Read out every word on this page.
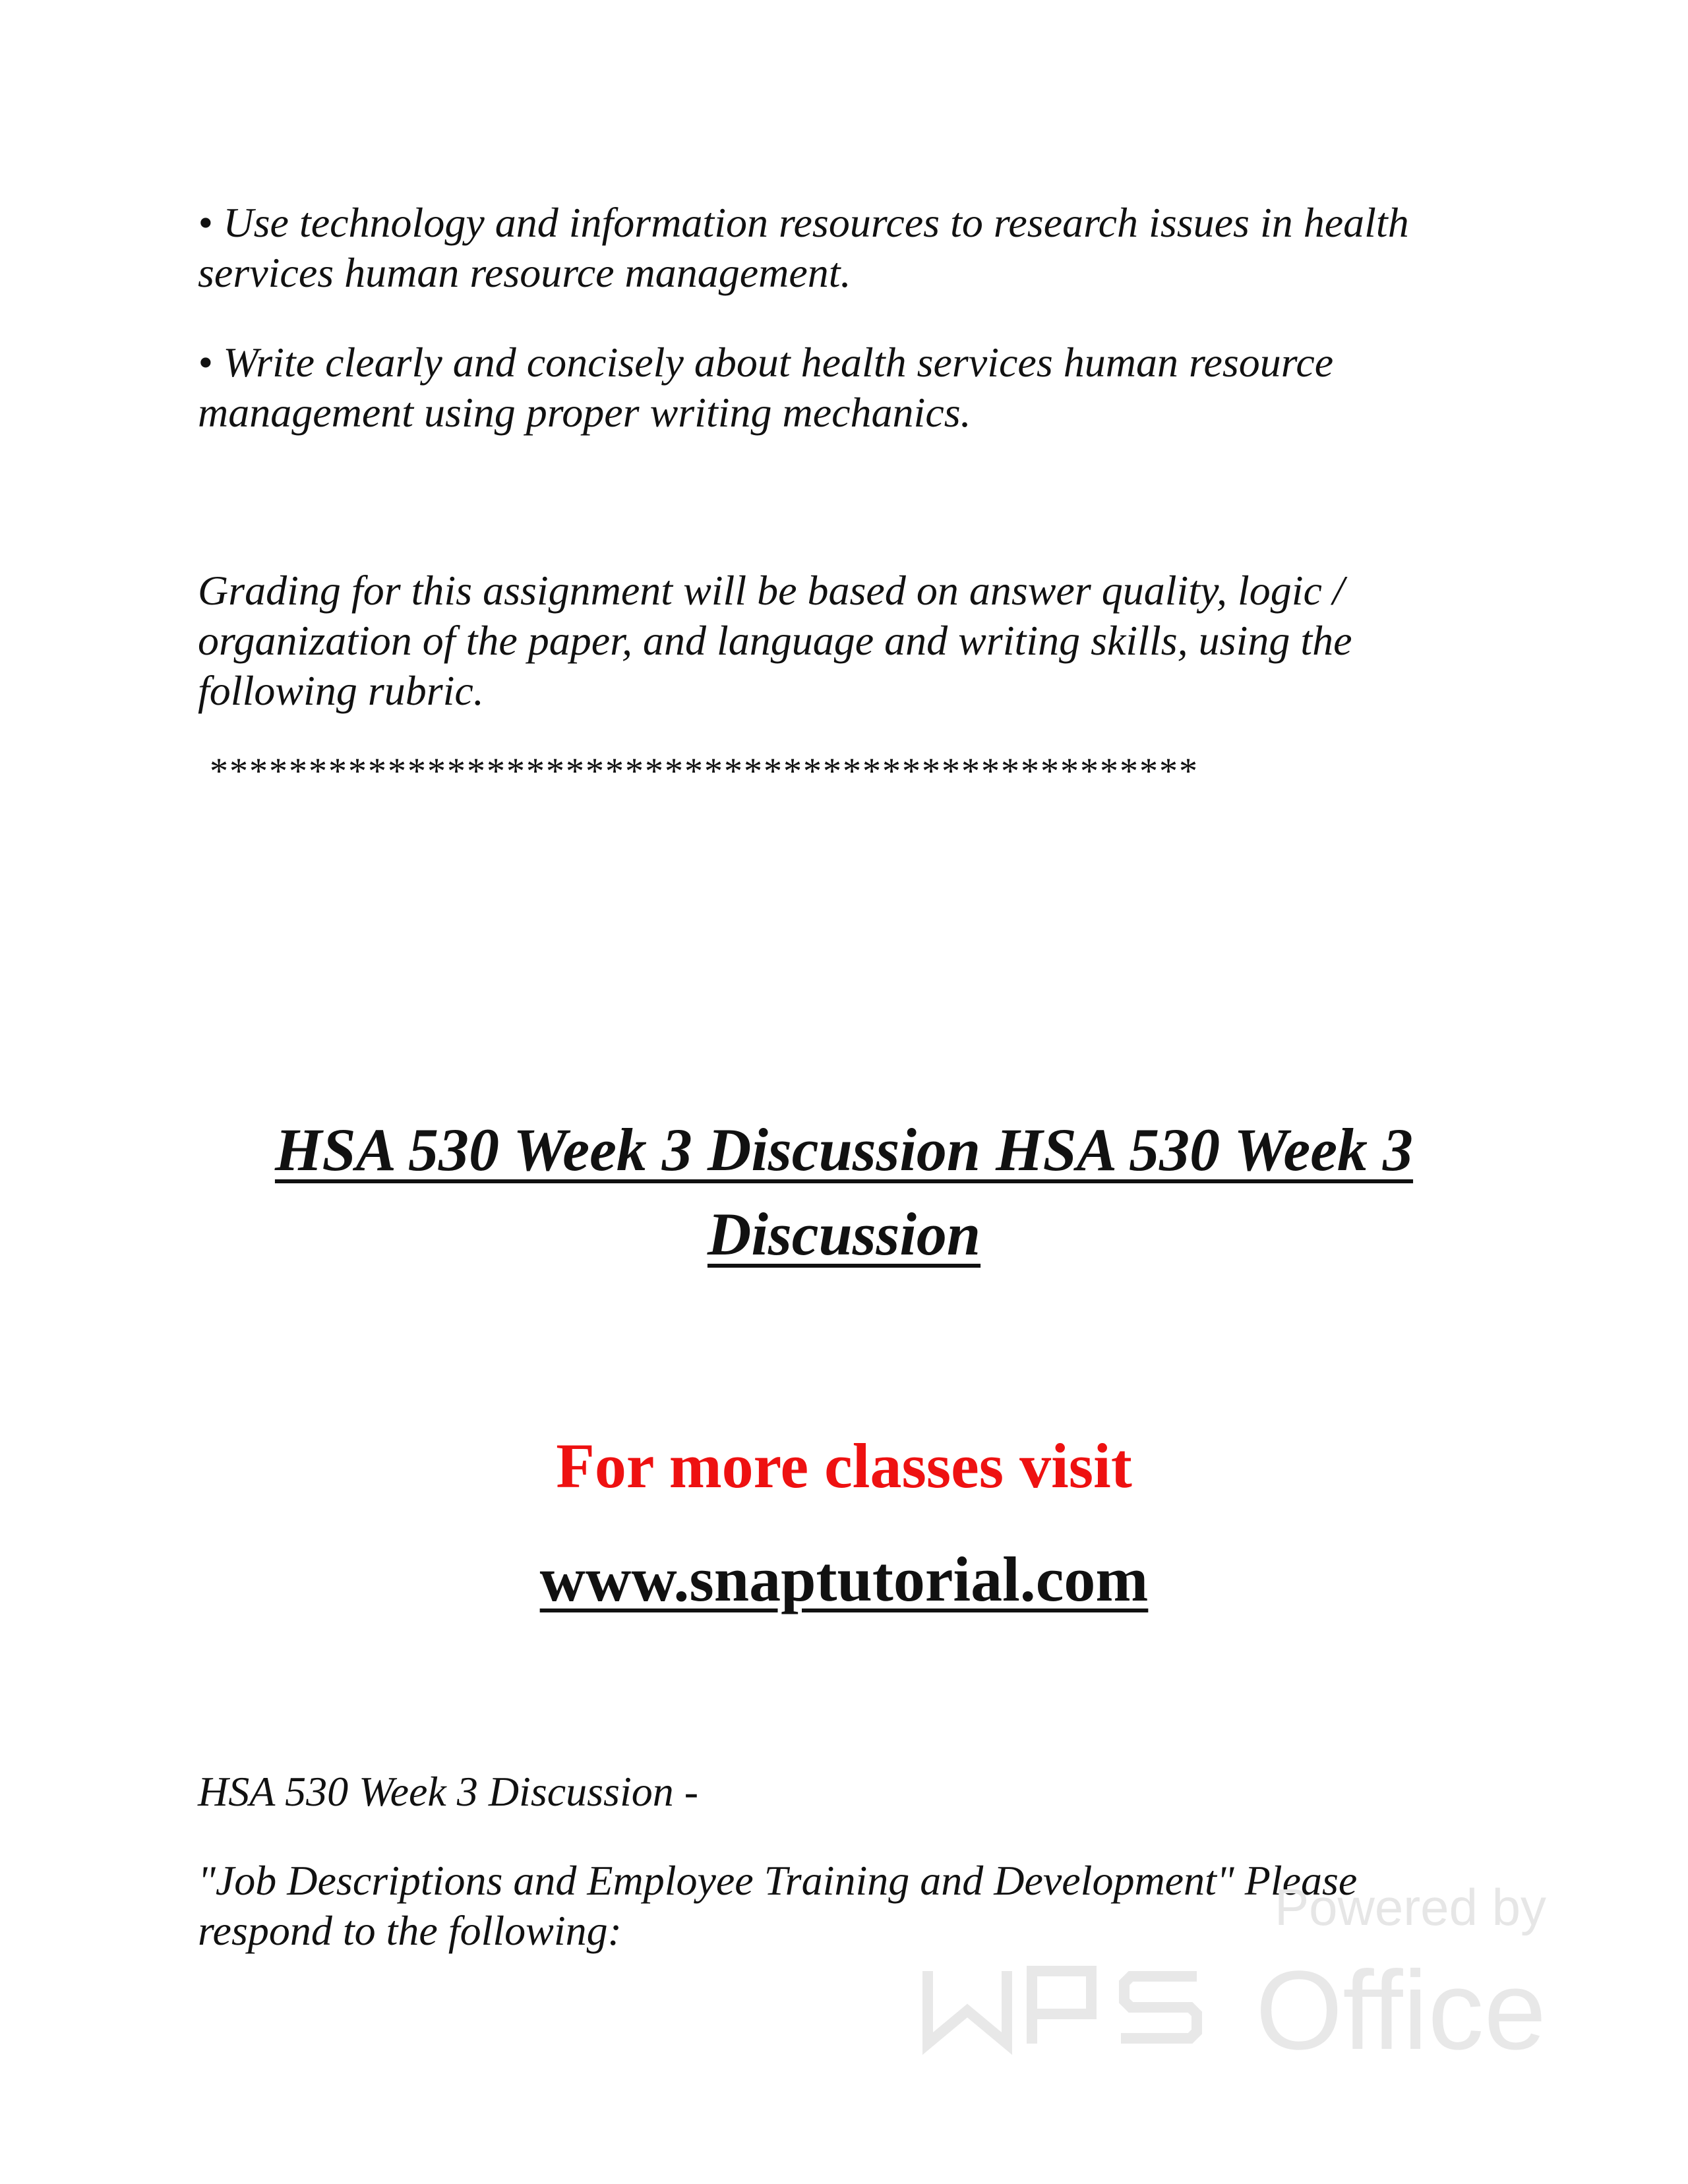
• Use technology and information resources to research issues in health
services human resource management.

• Write clearly and concisely about health services human resource
management using proper writing mechanics.

Grading for this assignment will be based on answer quality, logic /
organization of the paper, and language and writing skills, using the
following rubric.

**************************************************

HSA 530 Week 3 Discussion HSA 530 Week 3
Discussion

For more classes visit

www.snaptutorial.com

HSA 530 Week 3 Discussion -

"Job Descriptions and Employee Training and Development" Please
respond to the following:	Powered by
Office
